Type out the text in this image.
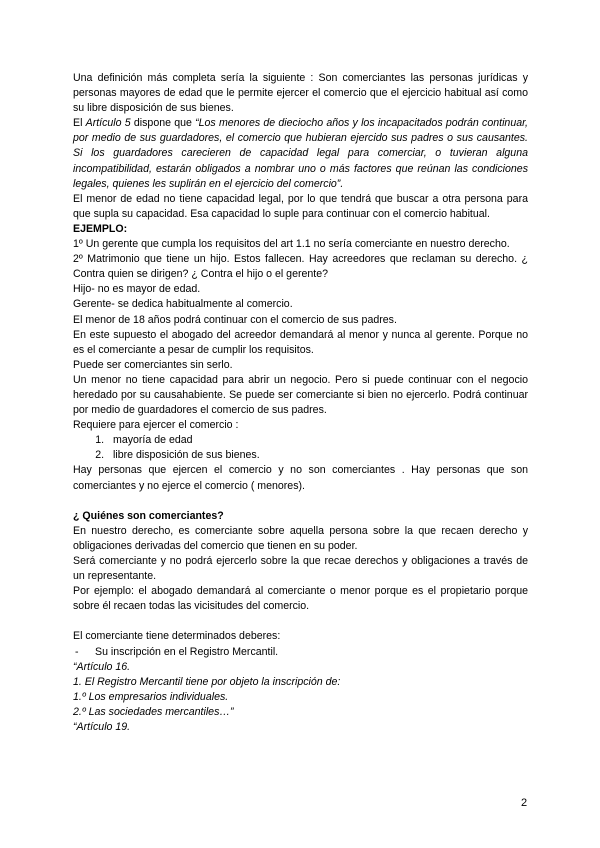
Una definición más completa sería la siguiente : Son comerciantes las personas jurídicas y personas mayores de edad que le permite ejercer el comercio que el ejercicio habitual así como su libre disposición de sus bienes.

El Artículo 5 dispone que “Los menores de dieciocho años y los incapacitados podrán continuar, por medio de sus guardadores, el comercio que hubieran ejercido sus padres o sus causantes. Si los guardadores carecieren de capacidad legal para comerciar, o tuvieran alguna incompatibilidad, estarán obligados a nombrar uno o más factores que reúnan las condiciones legales, quienes les suplirán en el ejercicio del comercio”.

El menor de edad no tiene capacidad legal, por lo que tendrá que buscar a otra persona para que supla su capacidad. Esa capacidad lo suple para continuar con el comercio habitual.

EJEMPLO:

1º Un gerente que cumpla los requisitos del art 1.1 no sería comerciante en nuestro derecho.

2º Matrimonio que tiene un hijo. Estos fallecen. Hay acreedores que reclaman su derecho. ¿ Contra quien se dirigen? ¿ Contra el hijo o el gerente?

Hijo- no es mayor de edad.

Gerente- se dedica habitualmente al comercio.

El menor de 18 años podrá continuar con el comercio de sus padres.

En este supuesto el abogado del acreedor demandará al menor y nunca al gerente. Porque no es el comerciante a pesar de cumplir los requisitos.

Puede ser comerciantes sin serlo.

Un menor no tiene capacidad para abrir un negocio. Pero si puede continuar con el negocio heredado por su causahabiente. Se puede ser comerciante si bien no ejercerlo. Podrá continuar por medio de guardadores el comercio de sus padres.

Requiere para ejercer el comercio :

1. mayoría de edad
2. libre disposición de sus bienes.

Hay personas que ejercen el comercio y no son comerciantes . Hay personas que son comerciantes y no ejerce el comercio ( menores).

¿ Quiénes son comerciantes?

En nuestro derecho, es comerciante sobre aquella persona sobre la que recaen derecho y obligaciones derivadas del comercio que tienen en su poder.

Será comerciante y no podrá ejercerlo sobre la que recae derechos y obligaciones a través de un representante.

Por ejemplo: el abogado demandará al comerciante o menor porque es el propietario porque sobre él recaen todas las vicisitudes del comercio.

El comerciante tiene determinados deberes:

- Su inscripción en el Registro Mercantil.

“Artículo 16.

1. El Registro Mercantil tiene por objeto la inscripción de:

1.º Los empresarios individuales.

2.º Las sociedades mercantiles…”

“Artículo 19.

2
